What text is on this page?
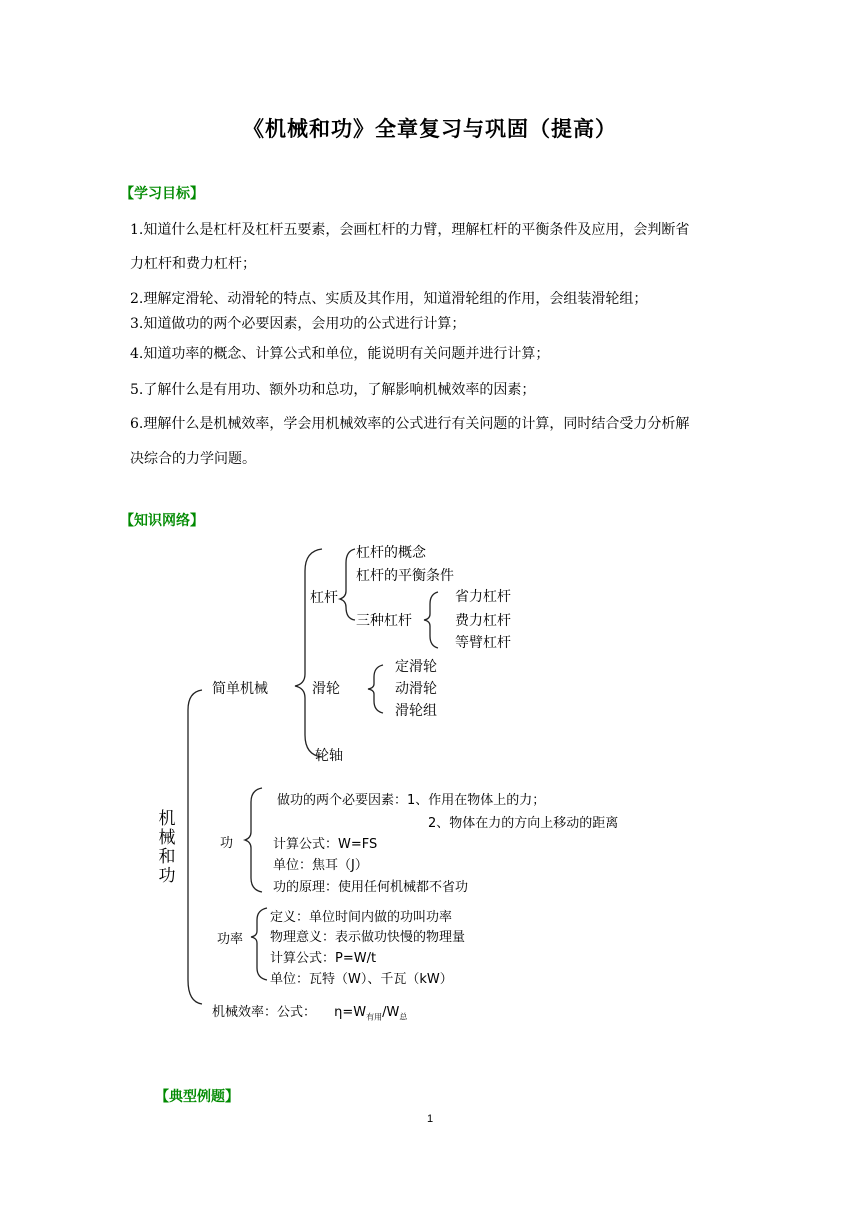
《机械和功》全章复习与巩固（提高）
【学习目标】
1.知道什么是杠杆及杠杆五要素，会画杠杆的力臂，理解杠杆的平衡条件及应用，会判断省
力杠杆和费力杠杆；
2.理解定滑轮、动滑轮的特点、实质及其作用，知道滑轮组的作用，会组装滑轮组；
3.知道做功的两个必要因素，会用功的公式进行计算；
4.知道功率的概念、计算公式和单位，能说明有关问题并进行计算；
5.了解什么是有用功、额外功和总功，了解影响机械效率的因素；
6.理解什么是机械效率，学会用机械效率的公式进行有关问题的计算，同时结合受力分析解
决综合的力学问题。
【知识网络】
机
械
和
功
简单机械
杠杆
杠杆的概念
杠杆的平衡条件
三种杠杆
省力杠杆
费力杠杆
等臂杠杆
滑轮
定滑轮
动滑轮
滑轮组
轮轴
功
做功的两个必要因素：1、作用在物体上的力；
2、物体在力的方向上移动的距离
计算公式：W=FS
单位：焦耳（J）
功的原理：使用任何机械都不省功
功率
定义：单位时间内做的功叫功率
物理意义：表示做功快慢的物理量
计算公式：P=W/t
单位：瓦特（W）、千瓦（kW）
机械效率：公式： $\eta=W_{有用}/W_总$
【典型例题】
1
